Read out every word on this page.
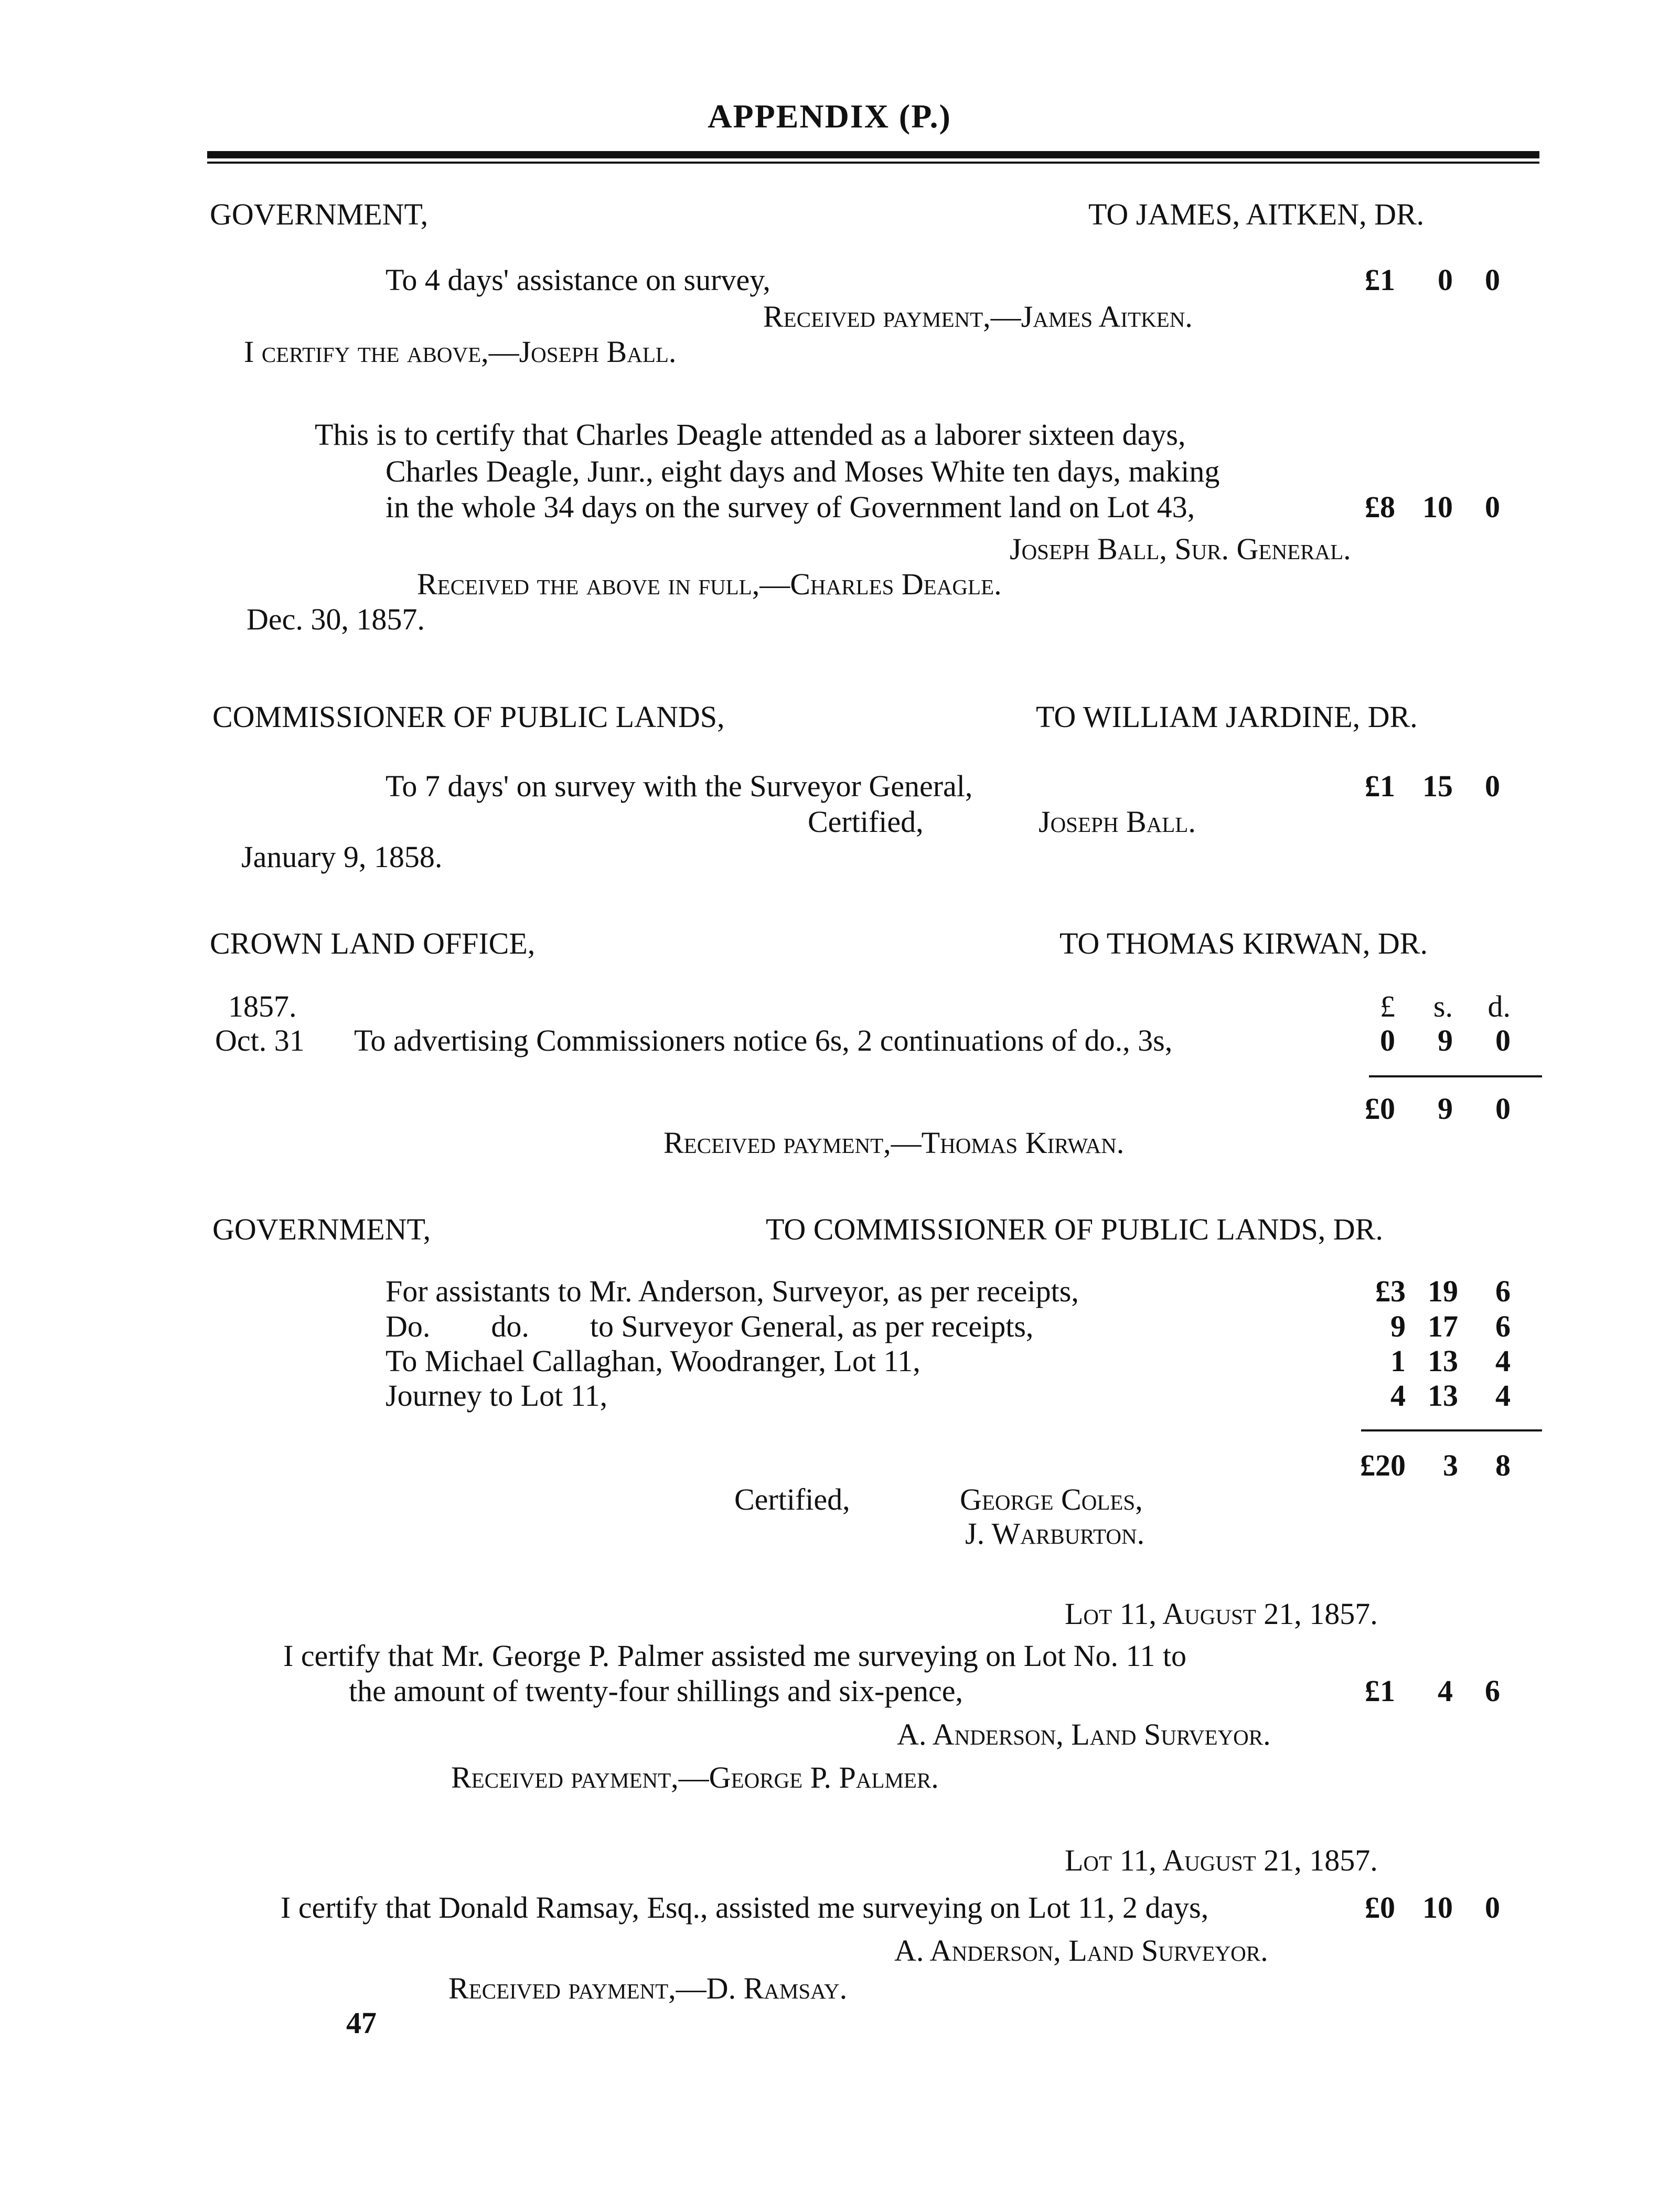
APPENDIX (P.)
GOVERNMENT,	TO JAMES, AITKEN, DR.
To 4 days' assistance on survey,	£1 0 0
Received payment,—James Aitken.
I certify the above,—Joseph Ball.
This is to certify that Charles Deagle attended as a laborer sixteen days,
Charles Deagle, Junr., eight days and Moses White ten days, making
in the whole 34 days on the survey of Government land on Lot 43,	£8 10 0
Joseph Ball, Sur. General.
Received the above in full,—Charles Deagle.
Dec. 30, 1857.
COMMISSIONER OF PUBLIC LANDS,	TO WILLIAM JARDINE, DR.
To 7 days' on survey with the Surveyor General,	£1 15 0
Certified,	Joseph Ball.
January 9, 1858.
CROWN LAND OFFICE,	TO THOMAS KIRWAN, DR.
1857.	£ s. d.
Oct. 31 To advertising Commissioners notice 6s, 2 continuations of do., 3s,	0 9 0
£0 9 0
Received payment,—Thomas Kirwan.
GOVERNMENT,	TO COMMISSIONER OF PUBLIC LANDS, DR.
For assistants to Mr. Anderson, Surveyor, as per receipts,	£3 19 6
Do.        do.        to Surveyor General, as per receipts,	9 17 6
To Michael Callaghan, Woodranger, Lot 11,	1 13 4
Journey to Lot 11,	4 13 4
£20 3 8
Certified,	George Coles,
J. Warburton.
Lot 11, August 21, 1857.
I certify that Mr. George P. Palmer assisted me surveying on Lot No. 11 to
the amount of twenty-four shillings and six-pence,	£1 4 6
A. Anderson, Land Surveyor.
Received payment,—George P. Palmer.
Lot 11, August 21, 1857.
I certify that Donald Ramsay, Esq., assisted me surveying on Lot 11, 2 days,	£0 10 0
A. Anderson, Land Surveyor.
Received payment,—D. Ramsay.
47
